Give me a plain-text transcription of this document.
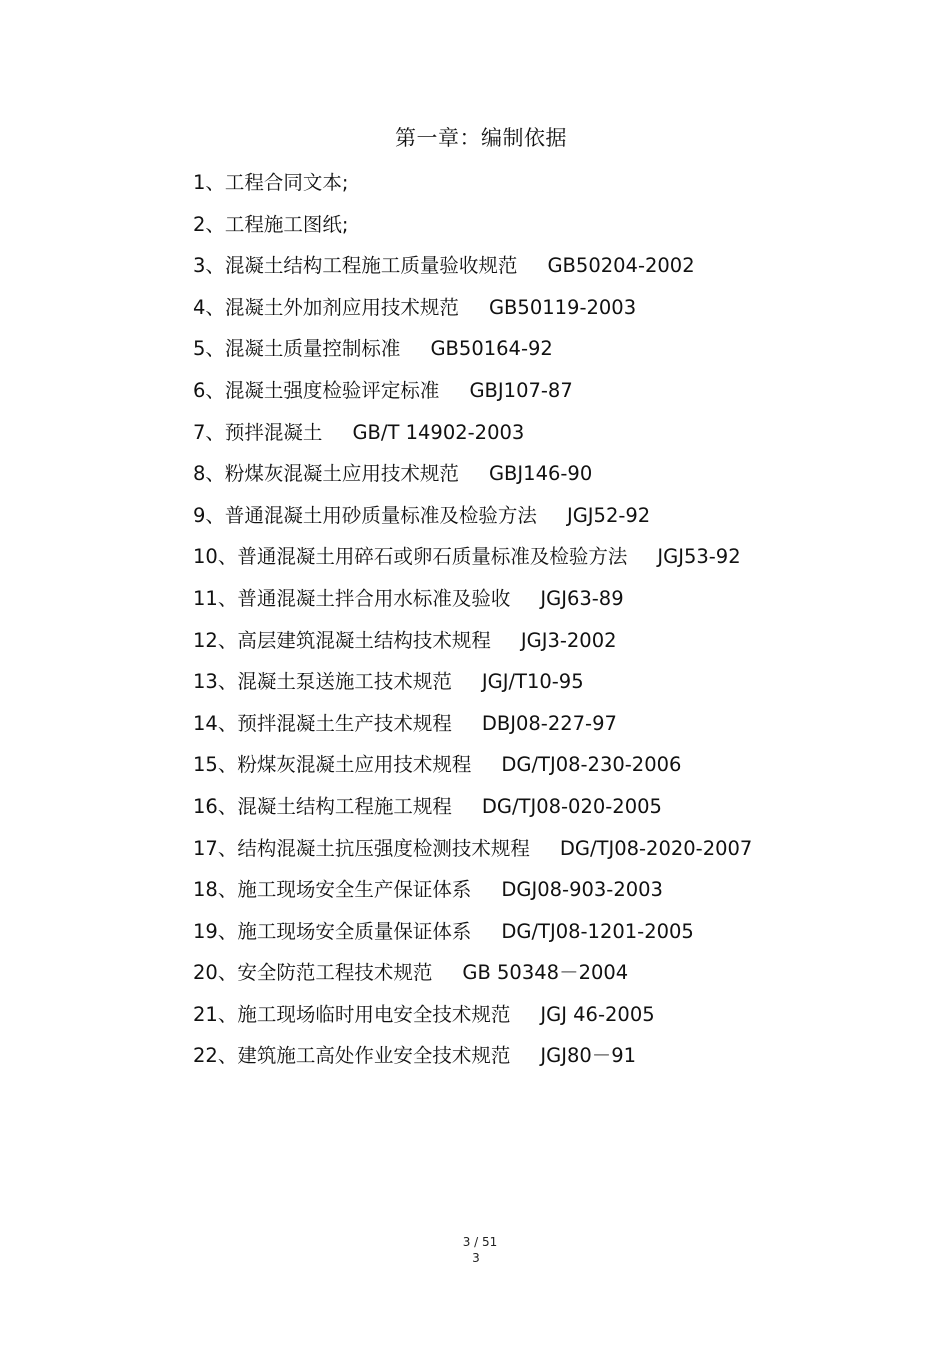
第一章：编制依据
1、工程合同文本;
2、工程施工图纸;
3、混凝土结构工程施工质量验收规范 GB50204-2002
4、混凝土外加剂应用技术规范 GB50119-2003
5、混凝土质量控制标准 GB50164-92
6、混凝土强度检验评定标准 GBJ107-87
7、预拌混凝土 GB/T 14902-2003
8、粉煤灰混凝土应用技术规范 GBJ146-90
9、普通混凝土用砂质量标准及检验方法 JGJ52-92
10、普通混凝土用碎石或卵石质量标准及检验方法 JGJ53-92
11、普通混凝土拌合用水标准及验收 JGJ63-89
12、高层建筑混凝土结构技术规程 JGJ3-2002
13、混凝土泵送施工技术规范 JGJ/T10-95
14、预拌混凝土生产技术规程 DBJ08-227-97
15、粉煤灰混凝土应用技术规程 DG/TJ08-230-2006
16、混凝土结构工程施工规程 DG/TJ08-020-2005
17、结构混凝土抗压强度检测技术规程 DG/TJ08-2020-2007
18、施工现场安全生产保证体系 DGJ08-903-2003
19、施工现场安全质量保证体系 DG/TJ08-1201-2005
20、安全防范工程技术规范 GB 50348－2004
21、施工现场临时用电安全技术规范 JGJ 46-2005
22、建筑施工高处作业安全技术规范 JGJ80－91
3 / 51
3
